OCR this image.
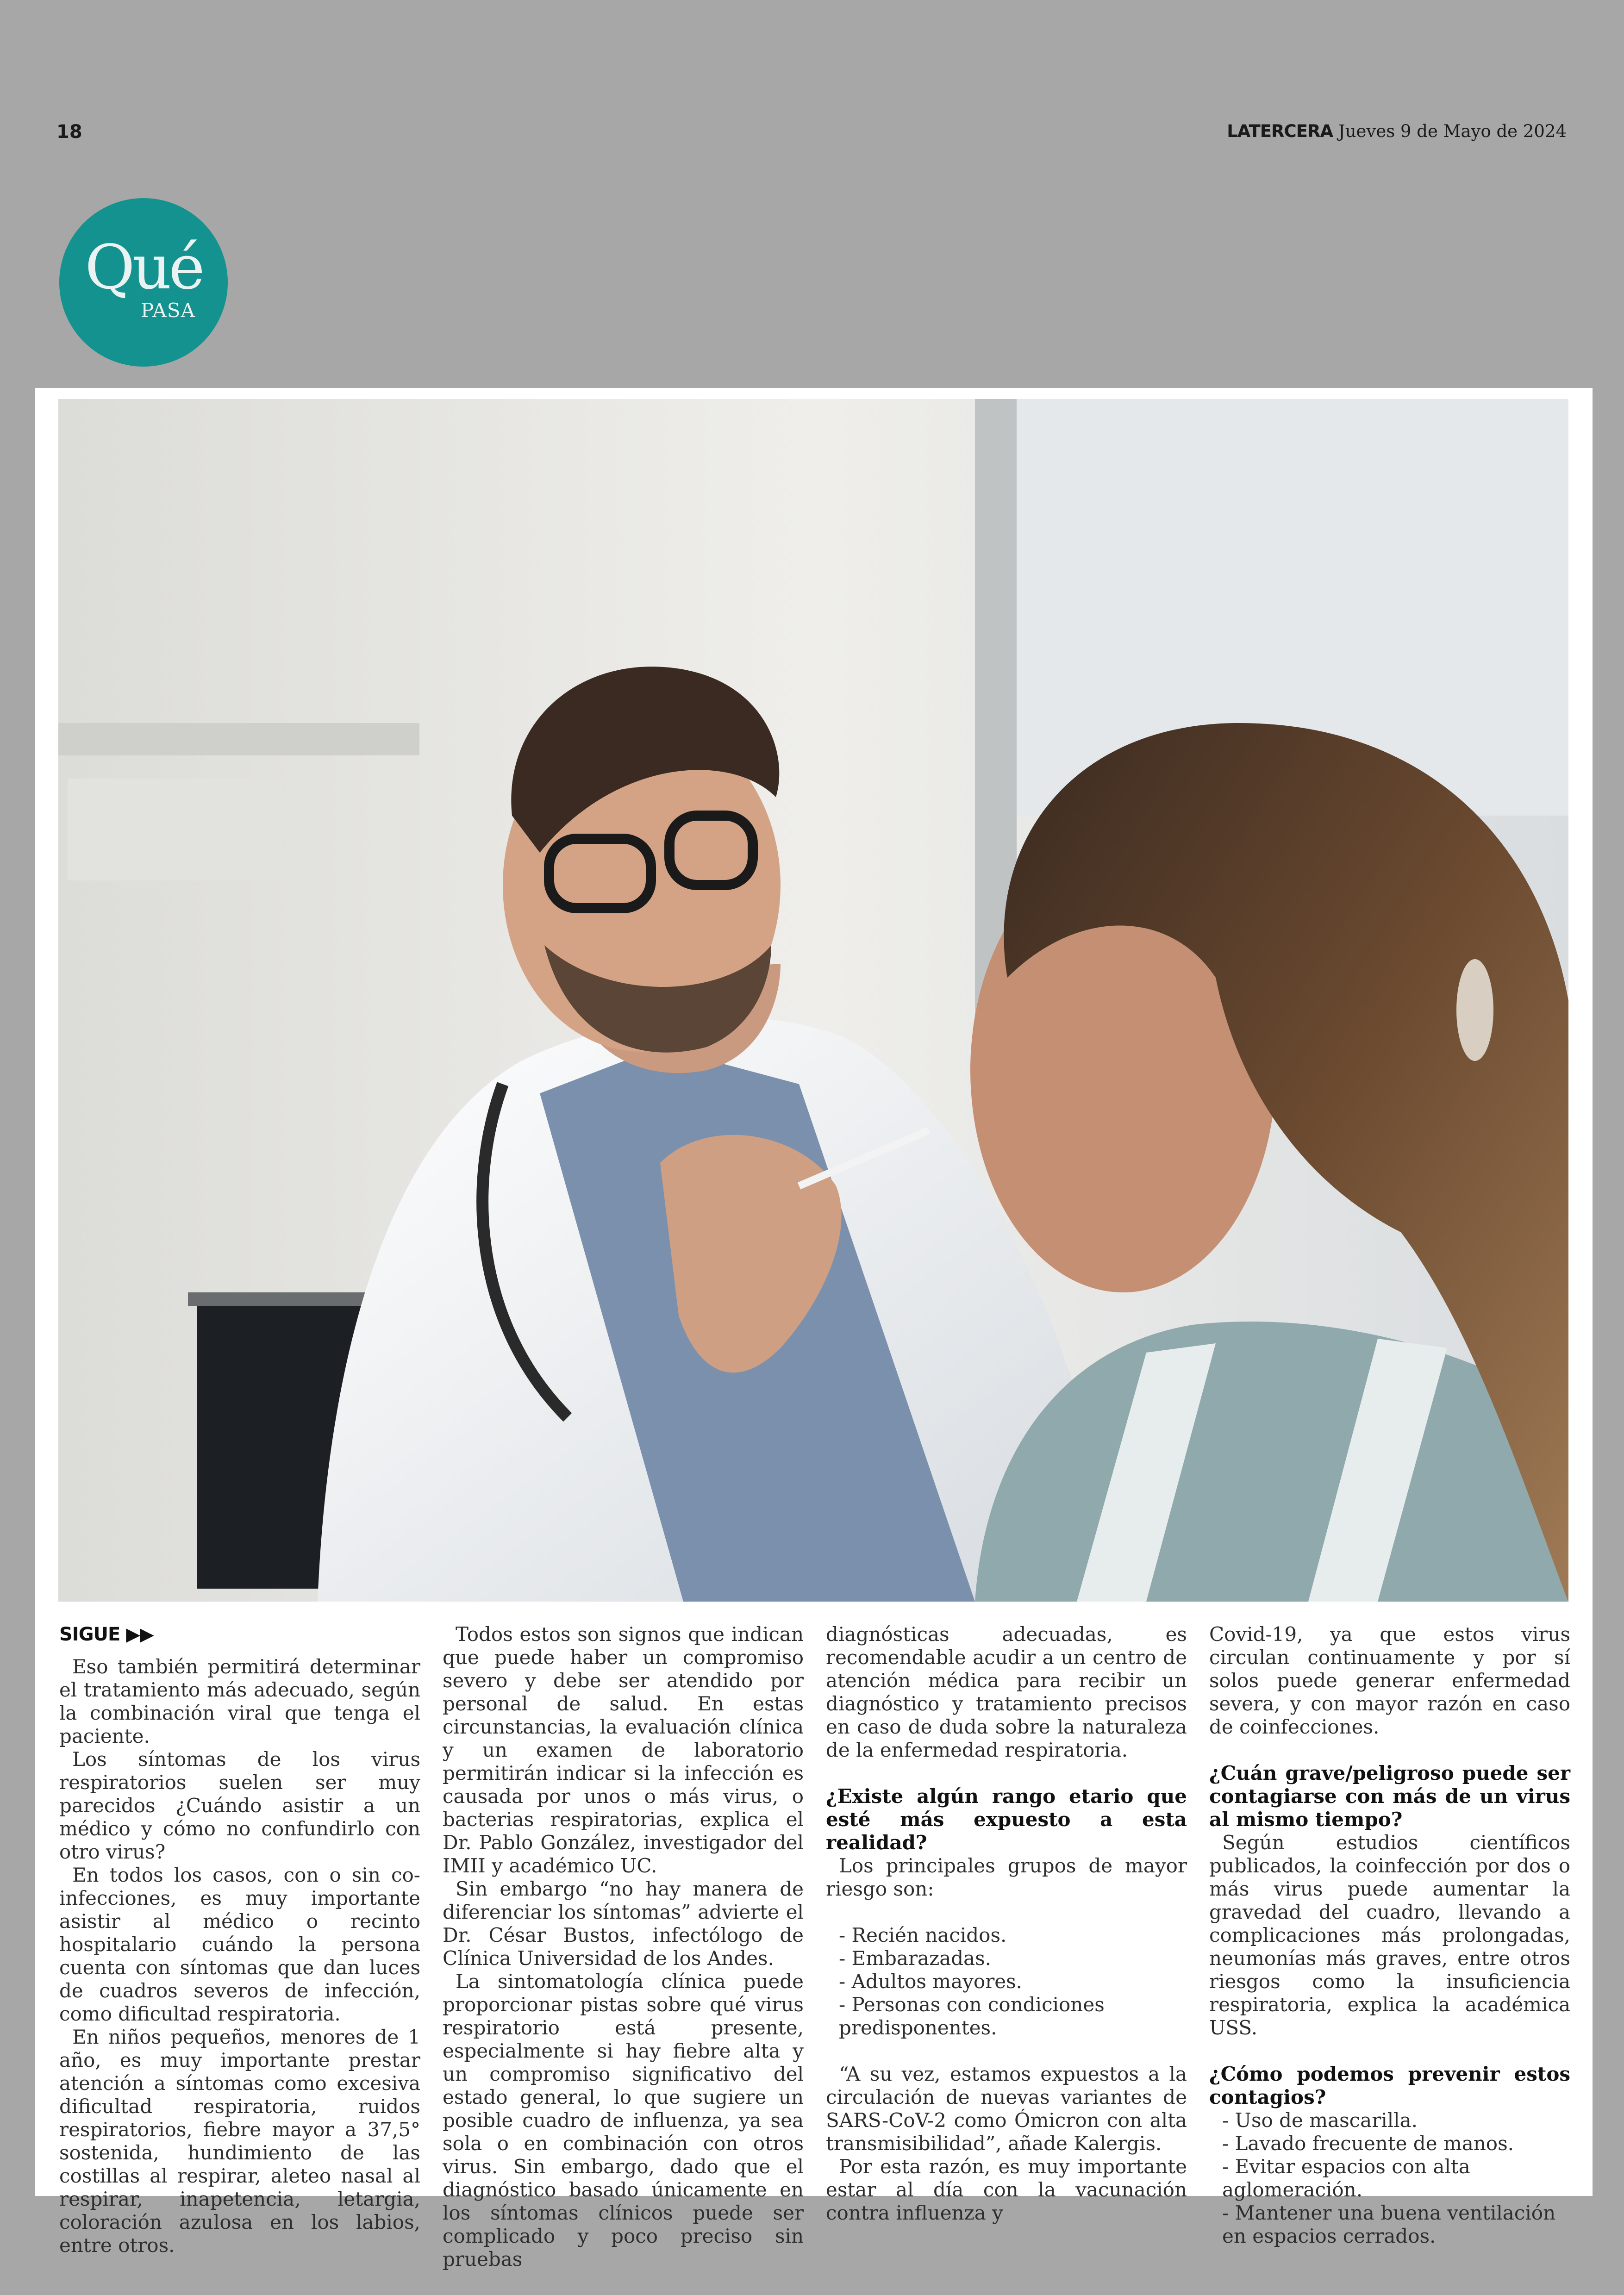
18	LATERCERA Jueves 9 de Mayo de 2024
Qué
PASA
SIGUE ▶▶

Eso también permitirá determinar el tratamiento más adecuado, según la combinación viral que tenga el paciente.

Los síntomas de los virus respiratorios suelen ser muy parecidos ¿Cuándo asistir a un médico y cómo no confundirlo con otro virus?

En todos los casos, con o sin co-infecciones, es muy importante asistir al médico o recinto hospitalario cuándo la persona cuenta con síntomas que dan luces de cuadros severos de infección, como dificultad respiratoria.

En niños pequeños, menores de 1 año, es muy importante prestar atención a síntomas como excesiva dificultad respiratoria, ruidos respiratorios, fiebre mayor a 37,5° sostenida, hundimiento de las costillas al respirar, aleteo nasal al respirar, inapetencia, letargia, coloración azulosa en los labios, entre otros.

Todos estos son signos que indican que puede haber un compromiso severo y debe ser atendido por personal de salud. En estas circunstancias, la evaluación clínica y un examen de laboratorio permitirán indicar si la infección es causada por unos o más virus, o bacterias respiratorias, explica el Dr. Pablo González, investigador del IMII y académico UC.

Sin embargo “no hay manera de diferenciar los síntomas” advierte el Dr. César Bustos, infectólogo de Clínica Universidad de los Andes.

La sintomatología clínica puede proporcionar pistas sobre qué virus respiratorio está presente, especialmente si hay fiebre alta y un compromiso significativo del estado general, lo que sugiere un posible cuadro de influenza, ya sea sola o en combinación con otros virus. Sin embargo, dado que el diagnóstico basado únicamente en los síntomas clínicos puede ser complicado y poco preciso sin pruebas

diagnósticas adecuadas, es recomendable acudir a un centro de atención médica para recibir un diagnóstico y tratamiento precisos en caso de duda sobre la naturaleza de la enfermedad respiratoria.

¿Existe algún rango etario que esté más expuesto a esta realidad?

Los principales grupos de mayor riesgo son:

- Recién nacidos.

- Embarazadas.

- Adultos mayores.

- Personas con condiciones predisponentes.

“A su vez, estamos expuestos a la circulación de nuevas variantes de SARS-CoV-2 como Ómicron con alta transmisibilidad”, añade Kalergis.

Por esta razón, es muy importante estar al día con la vacunación contra influenza y

Covid-19, ya que estos virus circulan continuamente y por sí solos puede generar enfermedad severa, y con mayor razón en caso de coinfecciones.

¿Cuán grave/peligroso puede ser contagiarse con más de un virus al mismo tiempo?

Según estudios científicos publicados, la coinfección por dos o más virus puede aumentar la gravedad del cuadro, llevando a complicaciones más prolongadas, neumonías más graves, entre otros riesgos como la insuficiencia respiratoria, explica la académica USS.

¿Cómo podemos prevenir estos contagios?

- Uso de mascarilla.

- Lavado frecuente de manos.

- Evitar espacios con alta aglomeración.

- Mantener una buena ventilación en espacios cerrados.
